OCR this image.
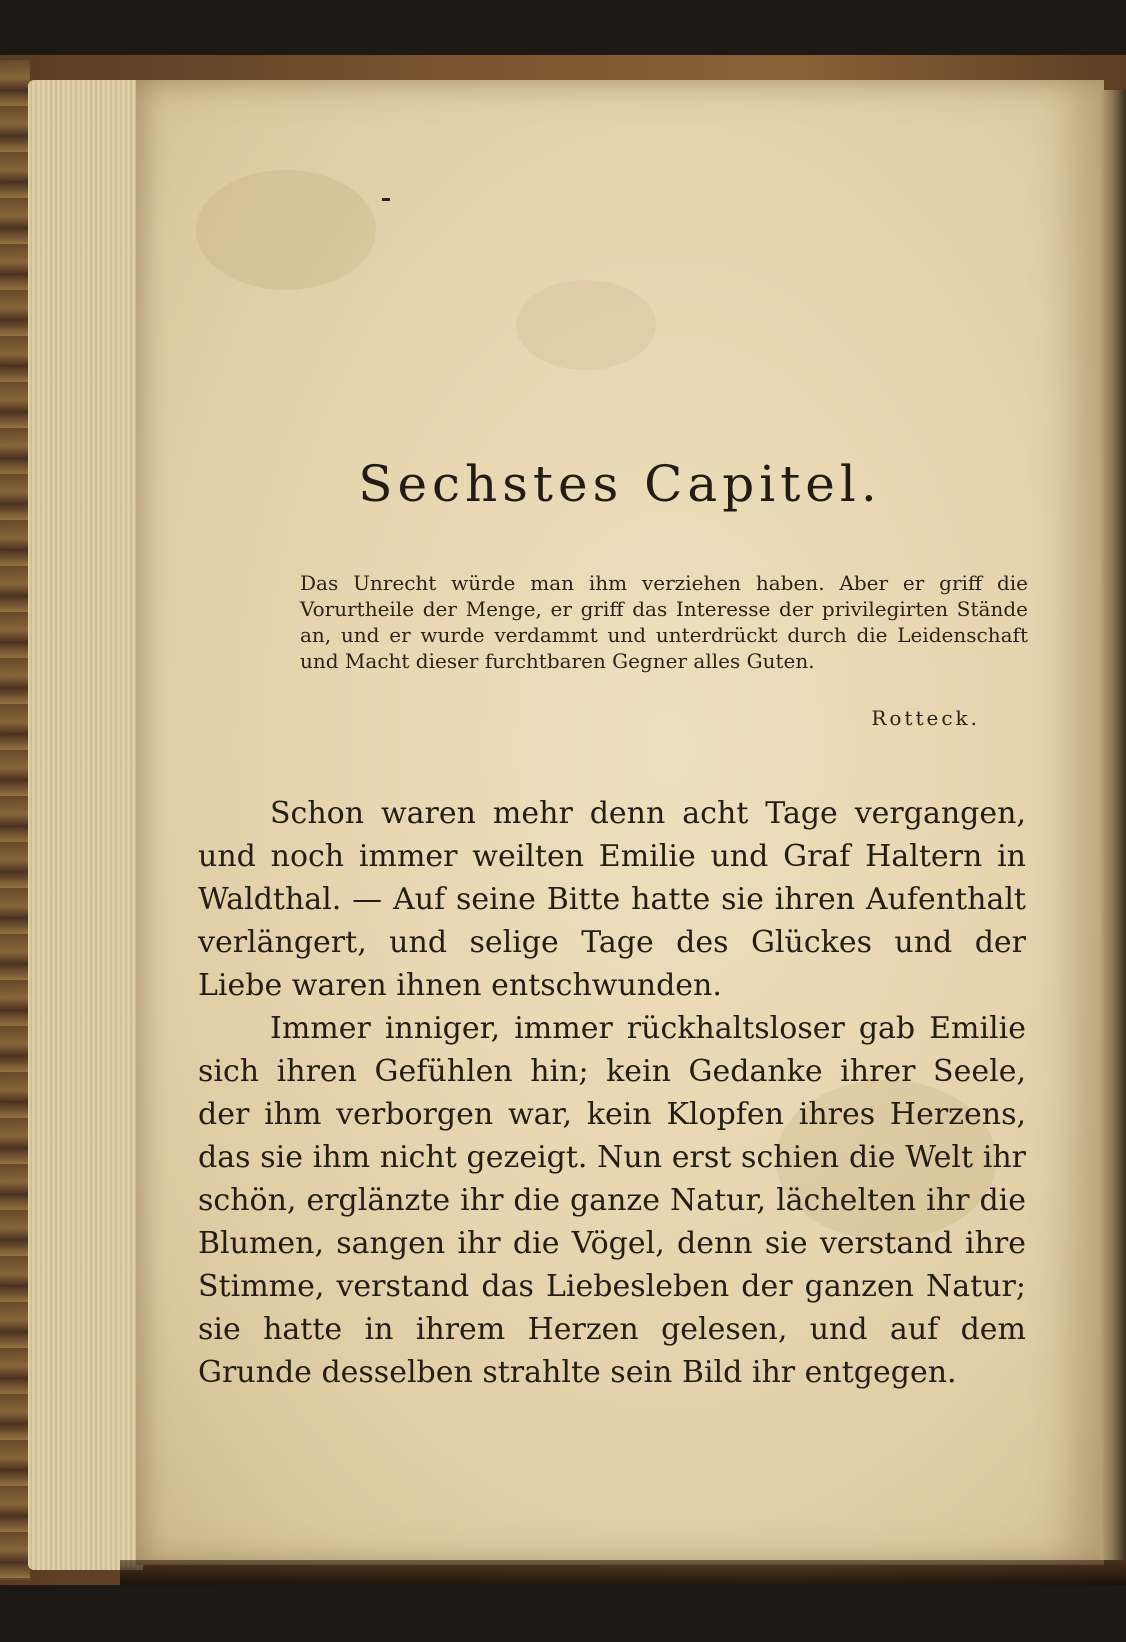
Sechstes Capitel.

Das Unrecht würde man ihm verziehen haben. Aber er griff die Vorurtheile der Menge, er griff das Interesse der privilegirten Stände an, und er wurde verdammt und unterdrückt durch die Leidenschaft und Macht dieser furchtbaren Gegner alles Guten.

Rotteck.

Schon waren mehr denn acht Tage vergangen, und noch immer weilten Emilie und Graf Haltern in Waldthal. — Auf seine Bitte hatte sie ihren Aufenthalt verlängert, und selige Tage des Glückes und der Liebe waren ihnen entschwunden.

Immer inniger, immer rückhaltsloser gab Emilie sich ihren Gefühlen hin; kein Gedanke ihrer Seele, der ihm verborgen war, kein Klopfen ihres Herzens, das sie ihm nicht gezeigt. Nun erst schien die Welt ihr schön, erglänzte ihr die ganze Natur, lächelten ihr die Blumen, sangen ihr die Vögel, denn sie verstand ihre Stimme, verstand das Liebesleben der ganzen Natur; sie hatte in ihrem Herzen gelesen, und auf dem Grunde desselben strahlte sein Bild ihr entgegen.
